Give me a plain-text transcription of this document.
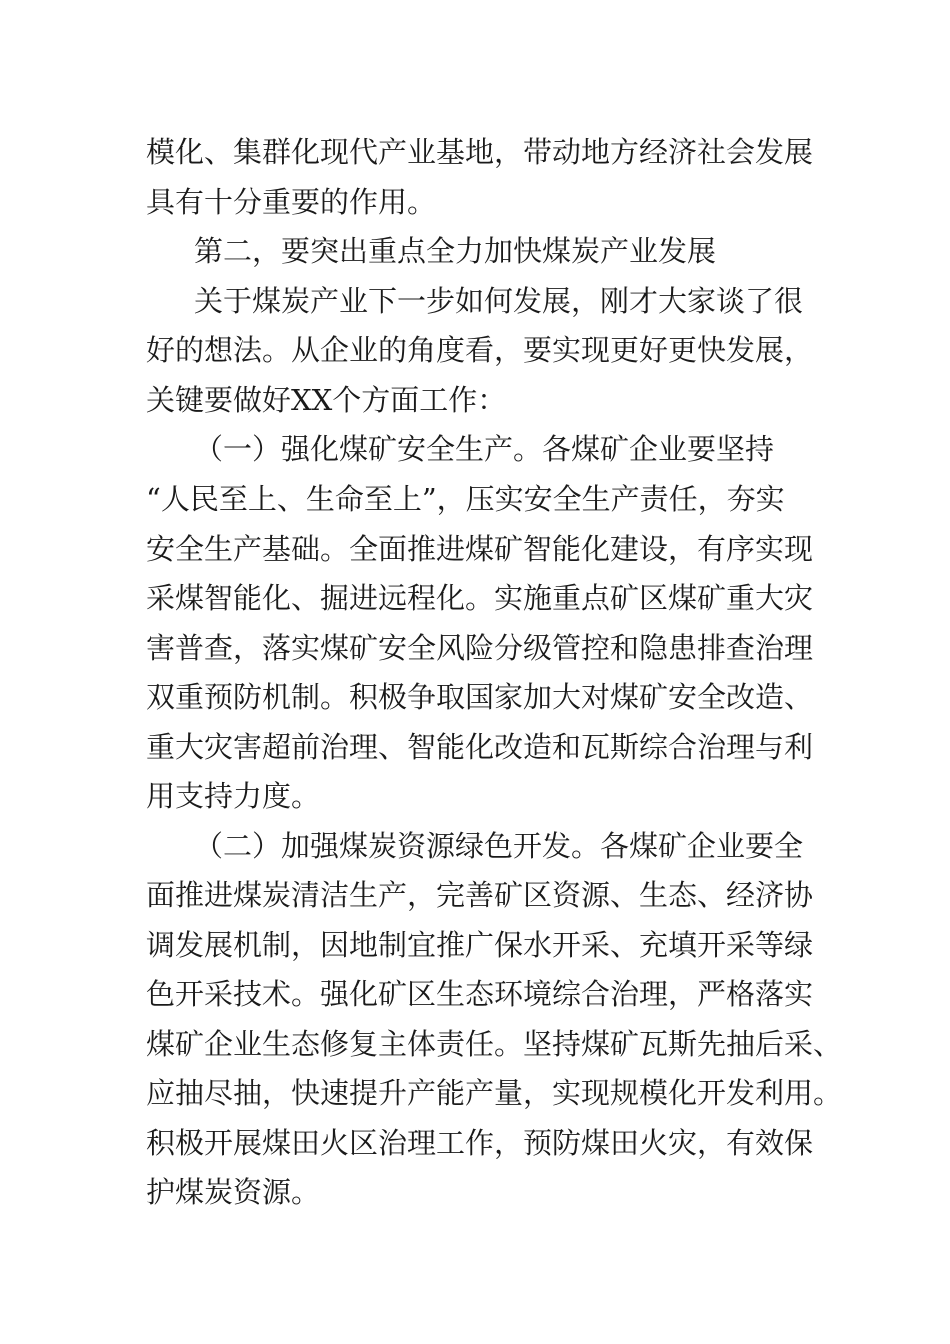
模化、集群化现代产业基地，带动地方经济社会发展
具有十分重要的作用。
第二，要突出重点全力加快煤炭产业发展
关于煤炭产业下一步如何发展，刚才大家谈了很
好的想法。从企业的角度看，要实现更好更快发展，
关键要做好XX个方面工作：
（一）强化煤矿安全生产。各煤矿企业要坚持
“人民至上、生命至上”，压实安全生产责任，夯实
安全生产基础。全面推进煤矿智能化建设，有序实现
采煤智能化、掘进远程化。实施重点矿区煤矿重大灾
害普查，落实煤矿安全风险分级管控和隐患排查治理
双重预防机制。积极争取国家加大对煤矿安全改造、
重大灾害超前治理、智能化改造和瓦斯综合治理与利
用支持力度。
（二）加强煤炭资源绿色开发。各煤矿企业要全
面推进煤炭清洁生产，完善矿区资源、生态、经济协
调发展机制，因地制宜推广保水开采、充填开采等绿
色开采技术。强化矿区生态环境综合治理，严格落实
煤矿企业生态修复主体责任。坚持煤矿瓦斯先抽后采、
应抽尽抽，快速提升产能产量，实现规模化开发利用。
积极开展煤田火区治理工作，预防煤田火灾，有效保
护煤炭资源。
